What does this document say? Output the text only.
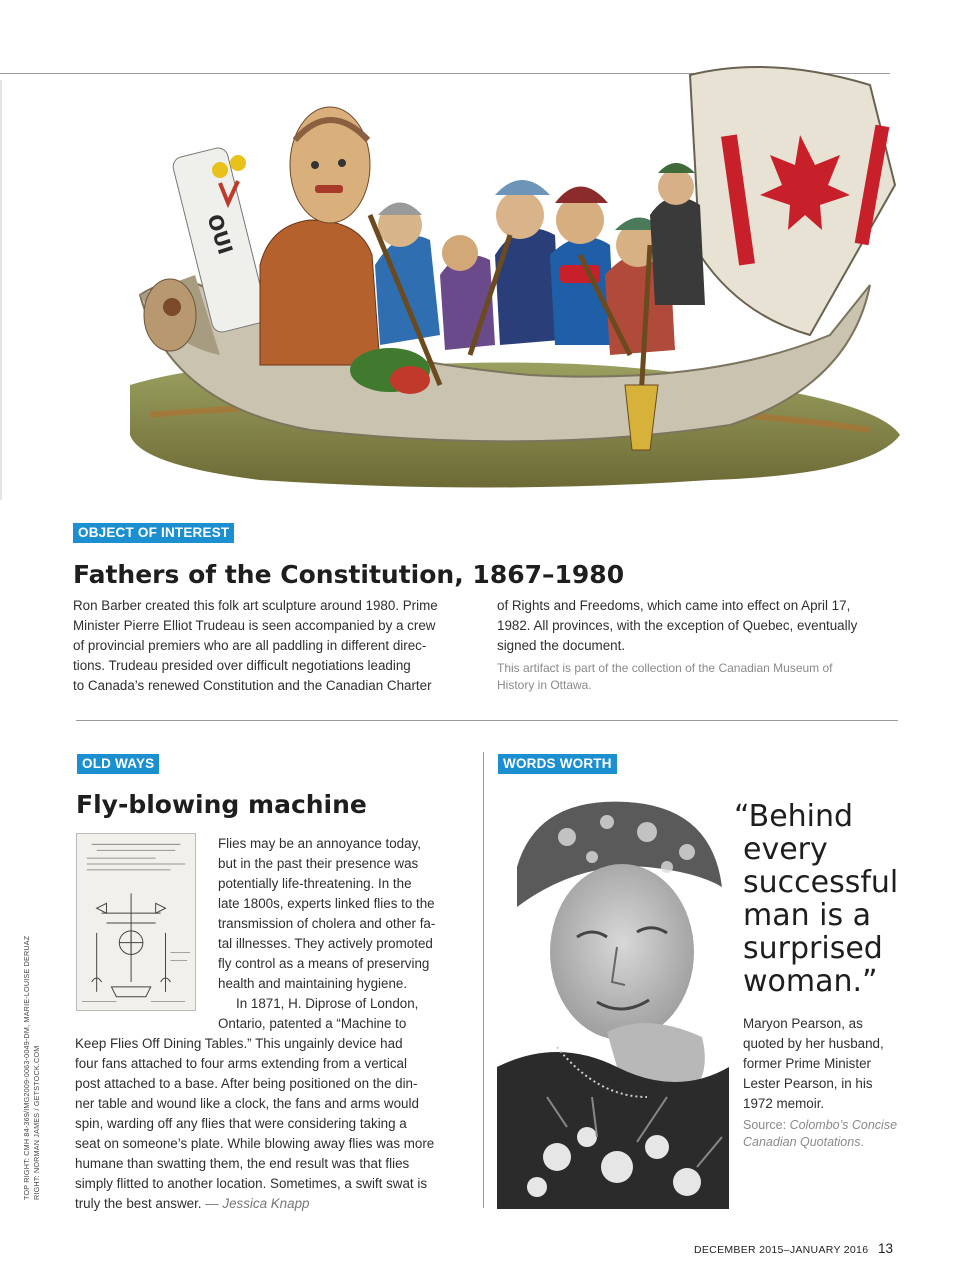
OUI
OBJECT OF INTEREST
Fathers of the Constitution, 1867–1980
Ron Barber created this folk art sculpture around 1980. Prime
Minister Pierre Elliot Trudeau is seen accompanied by a crew
of provincial premiers who are all paddling in different direc-
tions. Trudeau presided over difficult negotiations leading
to Canada’s renewed Constitution and the Canadian Charter
of Rights and Freedoms, which came into effect on April 17,
1982. All provinces, with the exception of Quebec, eventually
signed the document.
This artifact is part of the collection of the Canadian Museum of
History in Ottawa.
OLD WAYS
Fly-blowing machine
Flies may be an annoyance today,
but in the past their presence was
potentially life-threatening. In the
late 1800s, experts linked flies to the
transmission of cholera and other fa-
tal illnesses. They actively promoted
fly control as a means of preserving
health and maintaining hygiene.
In 1871, H. Diprose of London,
Ontario, patented a “Machine to
Keep Flies Off Dining Tables.” This ungainly device had
four fans attached to four arms extending from a vertical
post attached to a base. After being positioned on the din-
ner table and wound like a clock, the fans and arms would
spin, warding off any flies that were considering taking a
seat on someone’s plate. While blowing away flies was more
humane than swatting them, the end result was that flies
simply flitted to another location. Sometimes, a swift swat is
truly the best answer. — Jessica Knapp
WORDS WORTH
“Behind
every
successful
man is a
surprised
woman.”
Maryon Pearson, as
quoted by her husband,
former Prime Minister
Lester Pearson, in his
1972 memoir.
Source: Colombo’s Concise
Canadian Quotations.
TOP RIGHT: CMH 84-369/IMG2009-0063-0049-DM, MARIE-LOUISE DERUAZ RIGHT: NORMAN JAMES / GETSTOCK.COM
DECEMBER 2015–JANUARY 2016 13
